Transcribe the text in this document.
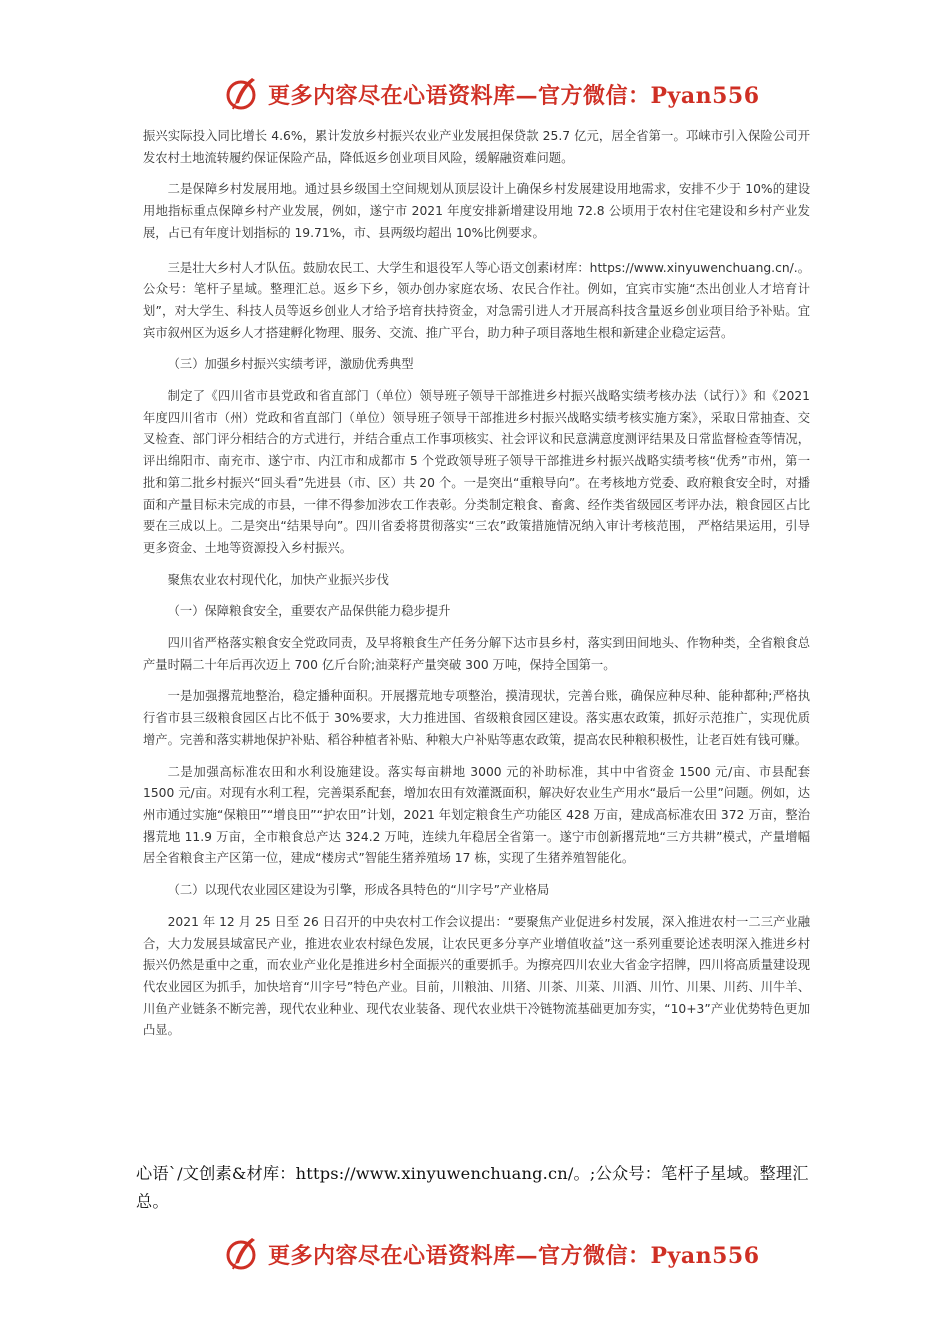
更多内容尽在心语资料库—官方微信：Pyan556

振兴实际投入同比增长 4.6%，累计发放乡村振兴农业产业发展担保贷款 25.7 亿元，居全省第一。邛崃市引入保险公司开发农村土地流转履约保证保险产品，降低返乡创业项目风险，缓解融资难问题。

二是保障乡村发展用地。通过县乡级国土空间规划从顶层设计上确保乡村发展建设用地需求，安排不少于 10%的建设用地指标重点保障乡村产业发展，例如，遂宁市 2021 年度安排新增建设用地 72.8 公顷用于农村住宅建设和乡村产业发展，占已有年度计划指标的 19.71%，市、县两级均超出 10%比例要求。

三是壮大乡村人才队伍。鼓励农民工、大学生和退役军人等心语文创素ⅰ材库：https://www.xinyuwenchuang.cn/.。公众号：笔杆子星域。整理汇总。返乡下乡，领办创办家庭农场、农民合作社。例如，宜宾市实施“杰出创业人才培育计划”，对大学生、科技人员等返乡创业人才给予培育扶持资金，对急需引进人才开展高科技含量返乡创业项目给予补贴。宜宾市叙州区为返乡人才搭建孵化物理、服务、交流、推广平台，助力种子项目落地生根和新建企业稳定运营。

（三）加强乡村振兴实绩考评，激励优秀典型

制定了《四川省市县党政和省直部门（单位）领导班子领导干部推进乡村振兴战略实绩考核办法（试行）》和《2021 年度四川省市（州）党政和省直部门（单位）领导班子领导干部推进乡村振兴战略实绩考核实施方案》，采取日常抽查、交叉检查、部门评分相结合的方式进行，并结合重点工作事项核实、社会评议和民意满意度测评结果及日常监督检查等情况，评出绵阳市、南充市、遂宁市、内江市和成都市 5 个党政领导班子领导干部推进乡村振兴战略实绩考核“优秀”市州，第一批和第二批乡村振兴“回头看”先进县（市、区）共 20 个。一是突出“重粮导向”。在考核地方党委、政府粮食安全时，对播面和产量目标未完成的市县，一律不得参加涉农工作表彰。分类制定粮食、畜禽、经作类省级园区考评办法，粮食园区占比要在三成以上。二是突出“结果导向”。四川省委将贯彻落实“三农”政策措施情况纳入审计考核范围， 严格结果运用，引导更多资金、土地等资源投入乡村振兴。

聚焦农业农村现代化，加快产业振兴步伐

（一）保障粮食安全，重要农产品保供能力稳步提升

四川省严格落实粮食安全党政同责，及早将粮食生产任务分解下达市县乡村，落实到田间地头、作物种类，全省粮食总产量时隔二十年后再次迈上 700 亿斤台阶;油菜籽产量突破 300 万吨，保持全国第一。

一是加强撂荒地整治，稳定播种面积。开展撂荒地专项整治，摸清现状，完善台账，确保应种尽种、能种都种;严格执行省市县三级粮食园区占比不低于 30%要求，大力推进国、省级粮食园区建设。落实惠农政策，抓好示范推广，实现优质增产。完善和落实耕地保护补贴、稻谷种植者补贴、种粮大户补贴等惠农政策，提高农民种粮积极性，让老百姓有钱可赚。

二是加强高标准农田和水利设施建设。落实每亩耕地 3000 元的补助标准，其中中省资金 1500 元/亩、市县配套 1500 元/亩。对现有水利工程，完善渠系配套，增加农田有效灌溉面积，解决好农业生产用水“最后一公里”问题。例如，达州市通过实施“保粮田”“增良田”“护农田”计划，2021 年划定粮食生产功能区 428 万亩，建成高标准农田 372 万亩，整治撂荒地 11.9 万亩，全市粮食总产达 324.2 万吨，连续九年稳居全省第一。遂宁市创新撂荒地“三方共耕”模式，产量增幅居全省粮食主产区第一位，建成“楼房式”智能生猪养殖场 17 栋，实现了生猪养殖智能化。

（二）以现代农业园区建设为引擎，形成各具特色的“川字号”产业格局

2021 年 12 月 25 日至 26 日召开的中央农村工作会议提出：“要聚焦产业促进乡村发展，深入推进农村一二三产业融合，大力发展县域富民产业，推进农业农村绿色发展，让农民更多分享产业增值收益”这一系列重要论述表明深入推进乡村振兴仍然是重中之重，而农业产业化是推进乡村全面振兴的重要抓手。为擦亮四川农业大省金字招牌，四川将高质量建设现代农业园区为抓手，加快培育“川字号”特色产业。目前，川粮油、川猪、川茶、川菜、川酒、川竹、川果、川药、川牛羊、川鱼产业链条不断完善，现代农业种业、现代农业装备、现代农业烘干冷链物流基础更加夯实，“10+3”产业优势特色更加凸显。

心语`/文创素&材库：https://www.xinyuwenchuang.cn/。;公众号：笔杆子星域。整理汇总。
更多内容尽在心语资料库—官方微信：Pyan556
